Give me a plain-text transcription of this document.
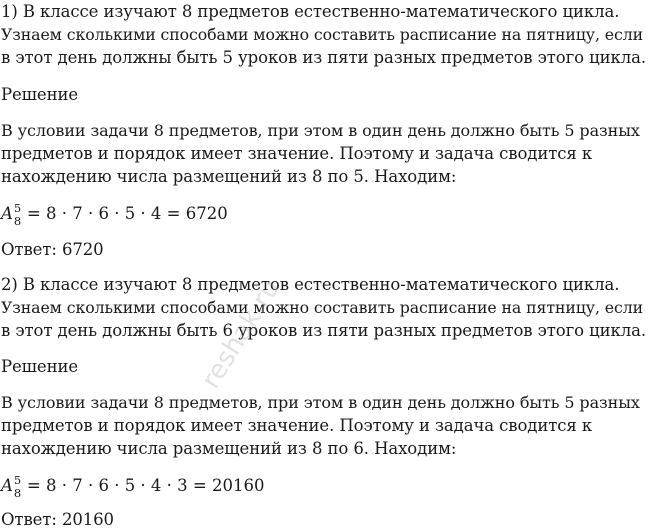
1) В классе изучают 8 предметов естественно-математического цикла.
Узнаем сколькими способами можно составить расписание на пятницу, если
в этот день должны быть 5 уроков из пяти разных предметов этого цикла.
Решение
В условии задачи 8 предметов, при этом в один день должно быть 5 разных
предметов и порядок имеет значение. Поэтому и задача сводится к
нахождению числа размещений из 8 по 5. Находим:
A 5
8 = 8 · 7 · 6 · 5 · 4 = 6720
Ответ: 6720
2) В классе изучают 8 предметов естественно-математического цикла.
Узнаем сколькими способами можно составить расписание на пятницу, если
в этот день должны быть 6 уроков из пяти разных предметов этого цикла.
Решение
В условии задачи 8 предметов, при этом в один день должно быть 5 разных
предметов и порядок имеет значение. Поэтому и задача сводится к
нахождению числа размещений из 8 по 6. Находим:
A 5
8 = 8 · 7 · 6 · 5 · 4 · 3 = 20160
Ответ: 20160
reshak.ru
